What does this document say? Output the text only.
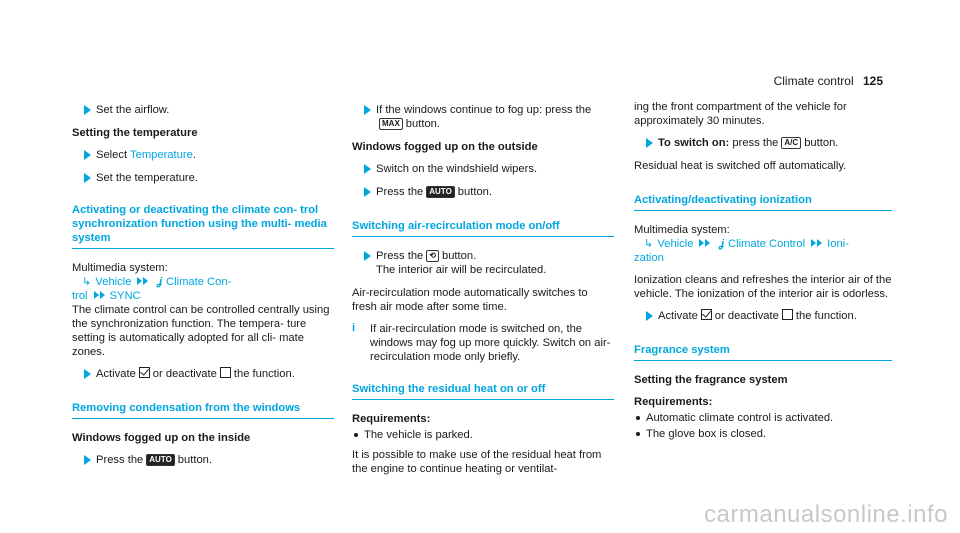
Climate control 125
Set the airflow.
Setting the temperature
Select Temperature.
Set the temperature.
Activating or deactivating the climate con- trol synchronization function using the multi- media system
Multimedia system:
↳ Vehicle ʝ Climate Con-
trol SYNC
The climate control can be controlled centrally using the synchronization function. The tempera- ture setting is automatically adopted for all cli- mate zones.
Activate or deactivate the function.
Removing condensation from the windows
Windows fogged up on the inside
Press the AUTO button.
If the windows continue to fog up: press the
MAX button.
Windows fogged up on the outside
Switch on the windshield wipers.
Press the AUTO button.
Switching air-recirculation mode on/off
Press the ⟲ button.
The interior air will be recirculated.
Air-recirculation mode automatically switches to fresh air mode after some time.
i If air-recirculation mode is switched on, the windows may fog up more quickly. Switch on air-recirculation mode only briefly.
Switching the residual heat on or off
Requirements:
The vehicle is parked.
It is possible to make use of the residual heat from the engine to continue heating or ventilat-
ing the front compartment of the vehicle for approximately 30 minutes.
To switch on: press the A/C button.
Residual heat is switched off automatically.
Activating/deactivating ionization
Multimedia system:
↳ Vehicle ʝ Climate Control Ioni-
zation
Ionization cleans and refreshes the interior air of the vehicle. The ionization of the interior air is odorless.
Activate or deactivate the function.
Fragrance system
Setting the fragrance system
Requirements:
Automatic climate control is activated.
The glove box is closed.
carmanualsonline.info
